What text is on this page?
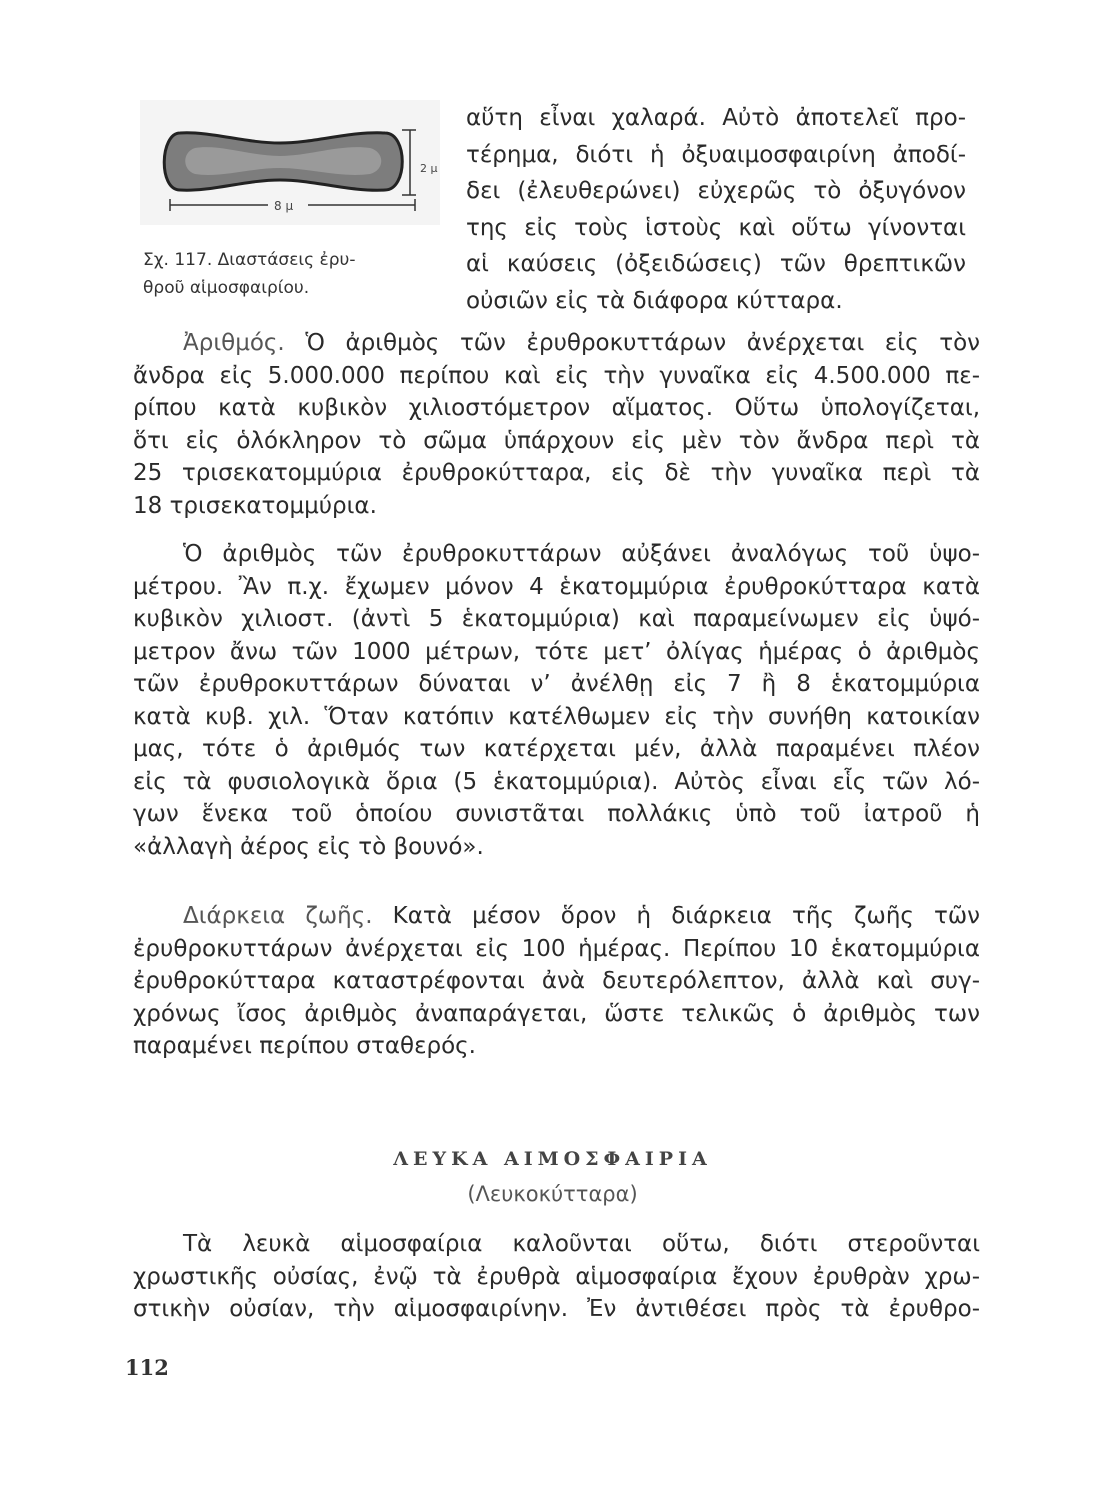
2 μ
8 μ
Σχ. 117. Διαστάσεις ἐρυ-
θροῦ αἱμοσφαιρίου.
αὕτη εἶναι χαλαρά. Αὐτὸ ἀποτελεῖ προ-
τέρημα, διότι ἡ ὀξυαιμοσφαιρίνη ἀποδί-
δει (ἐλευθερώνει) εὐχερῶς τὸ ὀξυγόνον
της εἰς τοὺς ἱστοὺς καὶ οὕτω γίνονται
αἱ καύσεις (ὀξειδώσεις) τῶν θρεπτικῶν
οὐσιῶν εἰς τὰ διάφορα κύτταρα.
Ἀριθμός. Ὁ ἀριθμὸς τῶν ἐρυθροκυττάρων ἀνέρχεται εἰς τὸν
ἄνδρα εἰς 5.000.000 περίπου καὶ εἰς τὴν γυναῖκα εἰς 4.500.000 πε-
ρίπου κατὰ κυβικὸν χιλιοστόμετρον αἵματος. Οὕτω ὑπολογίζεται,
ὅτι εἰς ὁλόκληρον τὸ σῶμα ὑπάρχουν εἰς μὲν τὸν ἄνδρα περὶ τὰ
25 τρισεκατομμύρια ἐρυθροκύτταρα, εἰς δὲ τὴν γυναῖκα περὶ τὰ
18 τρισεκατομμύρια.
Ὁ ἀριθμὸς τῶν ἐρυθροκυττάρων αὐξάνει ἀναλόγως τοῦ ὑψο-
μέτρου. Ἂν π.χ. ἔχωμεν μόνον 4 ἑκατομμύρια ἐρυθροκύτταρα κατὰ
κυβικὸν χιλιοστ. (ἀντὶ 5 ἑκατομμύρια) καὶ παραμείνωμεν εἰς ὑψό-
μετρον ἄνω τῶν 1000 μέτρων, τότε μετ’ ὀλίγας ἡμέρας ὁ ἀριθμὸς
τῶν ἐρυθροκυττάρων δύναται ν’ ἀνέλθῃ εἰς 7 ἢ 8 ἑκατομμύρια
κατὰ κυβ. χιλ. Ὅταν κατόπιν κατέλθωμεν εἰς τὴν συνήθη κατοικίαν
μας, τότε ὁ ἀριθμός των κατέρχεται μέν, ἀλλὰ παραμένει πλέον
εἰς τὰ φυσιολογικὰ ὅρια (5 ἑκατομμύρια). Αὐτὸς εἶναι εἷς τῶν λό-
γων ἕνεκα τοῦ ὁποίου συνιστᾶται πολλάκις ὑπὸ τοῦ ἰατροῦ ἡ
«ἀλλαγὴ ἀέρος εἰς τὸ βουνό».
Διάρκεια ζωῆς. Κατὰ μέσον ὅρον ἡ διάρκεια τῆς ζωῆς τῶν
ἐρυθροκυττάρων ἀνέρχεται εἰς 100 ἡμέρας. Περίπου 10 ἑκατομμύρια
ἐρυθροκύτταρα καταστρέφονται ἀνὰ δευτερόλεπτον, ἀλλὰ καὶ συγ-
χρόνως ἴσος ἀριθμὸς ἀναπαράγεται, ὥστε τελικῶς ὁ ἀριθμὸς των
παραμένει περίπου σταθερός.
ΛΕΥΚΑ ΑΙΜΟΣΦΑΙΡΙΑ
(Λευκοκύτταρα)
Τὰ λευκὰ αἱμοσφαίρια καλοῦνται οὕτω, διότι στεροῦνται
χρωστικῆς οὐσίας, ἐνῷ τὰ ἐρυθρὰ αἱμοσφαίρια ἔχουν ἐρυθρὰν χρω-
στικὴν οὐσίαν, τὴν αἱμοσφαιρίνην. Ἐν ἀντιθέσει πρὸς τὰ ἐρυθρο-
112
